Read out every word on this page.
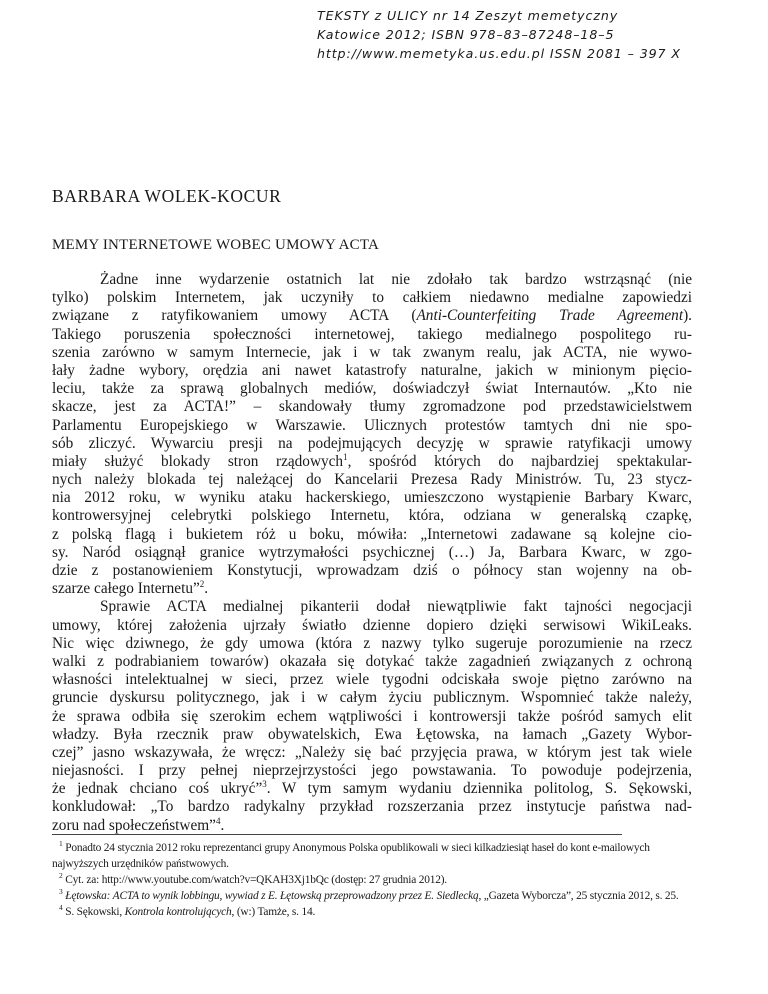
TEKSTY z ULICY nr 14 Zeszyt memetyczny
Katowice 2012; ISBN 978–83–87248–18–5
http://www.memetyka.us.edu.pl ISSN 2081 – 397 X
BARBARA WOLEK-KOCUR
MEMY INTERNETOWE WOBEC UMOWY ACTA
Żadne inne wydarzenie ostatnich lat nie zdołało tak bardzo wstrząsnąć (nie
tylko) polskim Internetem, jak uczyniły to całkiem niedawno medialne zapowiedzi
związane z ratyfikowaniem umowy ACTA (Anti-Counterfeiting Trade Agreement).
Takiego poruszenia społeczności internetowej, takiego medialnego pospolitego ru-
szenia zarówno w samym Internecie, jak i w tak zwanym realu, jak ACTA, nie wywo-
łały żadne wybory, orędzia ani nawet katastrofy naturalne, jakich w minionym pięcio-
leciu, także za sprawą globalnych mediów, doświadczył świat Internautów. „Kto nie
skacze, jest za ACTA!” – skandowały tłumy zgromadzone pod przedstawicielstwem
Parlamentu Europejskiego w Warszawie. Ulicznych protestów tamtych dni nie spo-
sób zliczyć. Wywarciu presji na podejmujących decyzję w sprawie ratyfikacji umowy
miały służyć blokady stron rządowych$^1$, spośród których do najbardziej spektakular-
nych należy blokada tej należącej do Kancelarii Prezesa Rady Ministrów. Tu, 23 stycz-
nia 2012 roku, w wyniku ataku hackerskiego, umieszczono wystąpienie Barbary Kwarc,
kontrowersyjnej celebrytki polskiego Internetu, która, odziana w generalską czapkę,
z polską flagą i bukietem róż u boku, mówiła: „Internetowi zadawane są kolejne cio-
sy. Naród osiągnął granice wytrzymałości psychicznej (…) Ja, Barbara Kwarc, w zgo-
dzie z postanowieniem Konstytucji, wprowadzam dziś o północy stan wojenny na ob-
szarze całego Internetu”$^2$.
Sprawie ACTA medialnej pikanterii dodał niewątpliwie fakt tajności negocjacji
umowy, której założenia ujrzały światło dzienne dopiero dzięki serwisowi WikiLeaks.
Nic więc dziwnego, że gdy umowa (która z nazwy tylko sugeruje porozumienie na rzecz
walki z podrabianiem towarów) okazała się dotykać także zagadnień związanych z ochroną
własności intelektualnej w sieci, przez wiele tygodni odciskała swoje piętno zarówno na
gruncie dyskursu politycznego, jak i w całym życiu publicznym. Wspomnieć także należy,
że sprawa odbiła się szerokim echem wątpliwości i kontrowersji także pośród samych elit
władzy. Była rzecznik praw obywatelskich, Ewa Łętowska, na łamach „Gazety Wybor-
czej” jasno wskazywała, że wręcz: „Należy się bać przyjęcia prawa, w którym jest tak wiele
niejasności. I przy pełnej nieprzejrzystości jego powstawania. To powoduje podejrzenia,
że jednak chciano coś ukryć”$^3$. W tym samym wydaniu dziennika politolog, S. Sękowski,
konkludował: „To bardzo radykalny przykład rozszerzania przez instytucje państwa nad-
zoru nad społeczeństwem”$^4$.
$^1$ Ponadto 24 stycznia 2012 roku reprezentanci grupy Anonymous Polska opublikowali w sieci kilkadziesiąt haseł do kont e-mailowych
najwyższych urzędników państwowych.
$^2$ Cyt. za: http://www.youtube.com/watch?v=QKAH3Xj1bQc (dostęp: 27 grudnia 2012).
$^3$ Łętowska: ACTA to wynik lobbingu, wywiad z E. Łętowską przeprowadzony przez E. Siedlecką, „Gazeta Wyborcza”, 25 stycznia 2012, s. 25.
$^4$ S. Sękowski, Kontrola kontrolujących, (w:) Tamże, s. 14.
